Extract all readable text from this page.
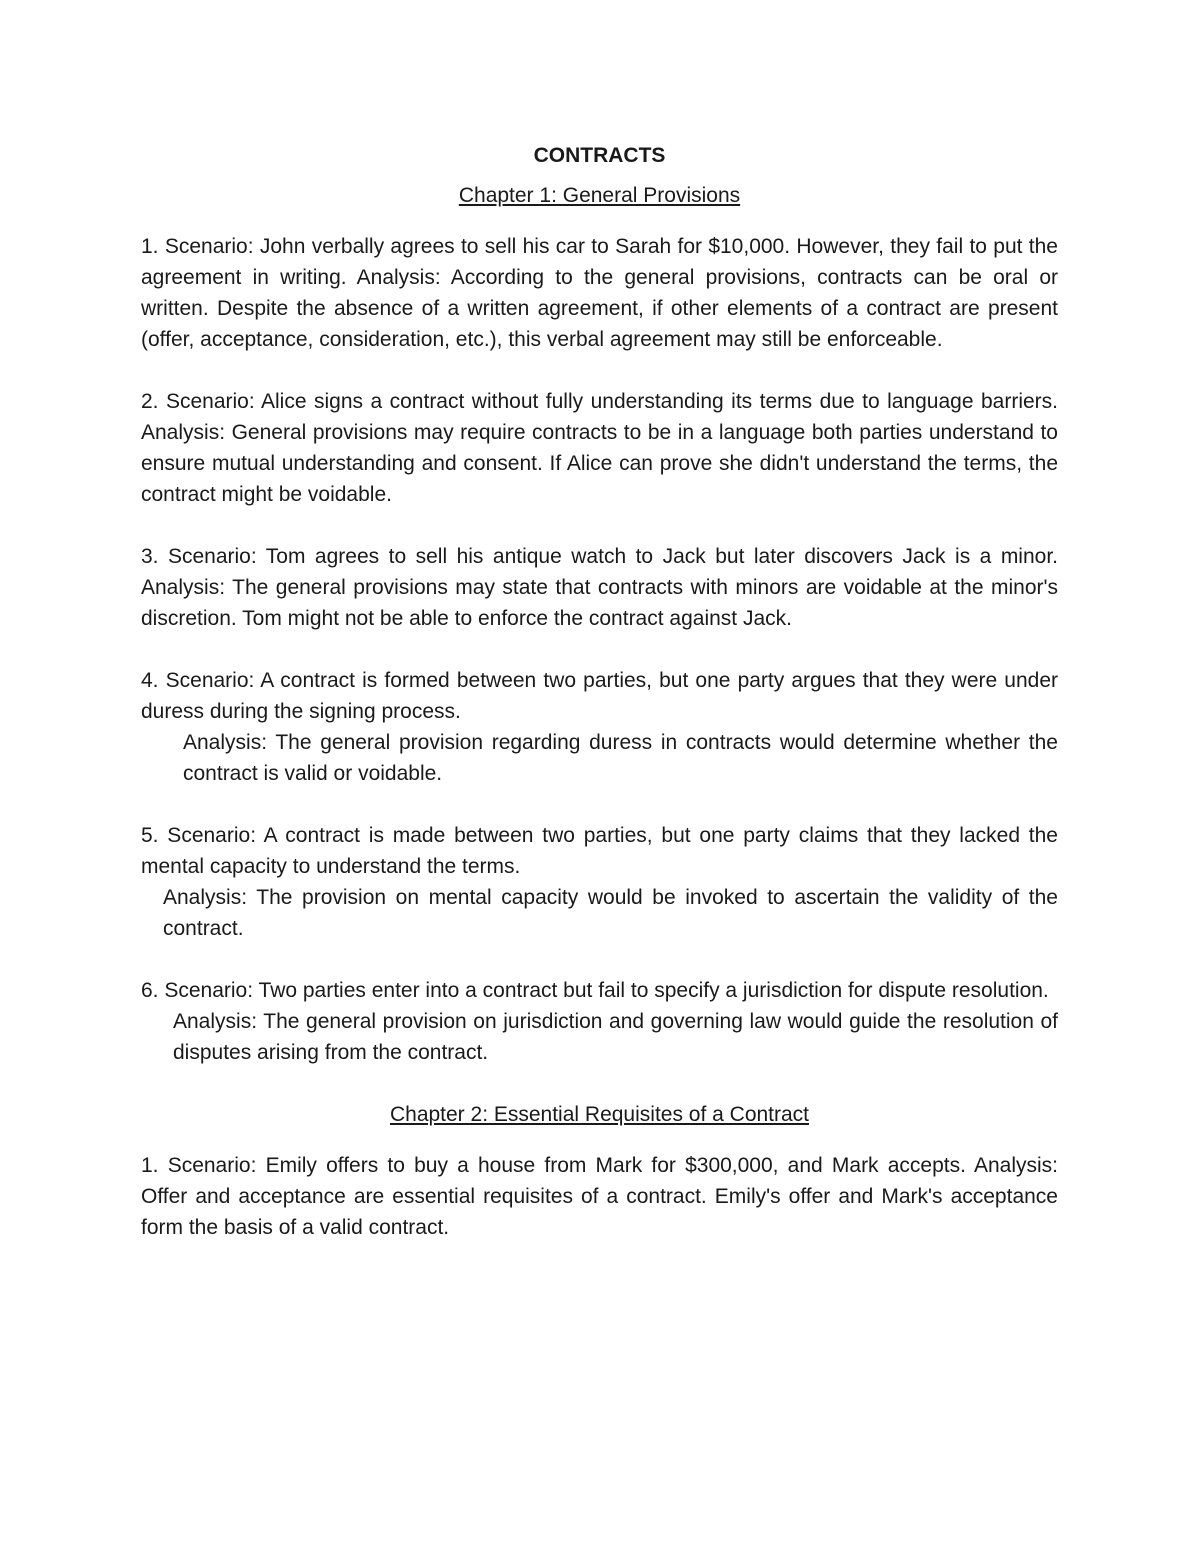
CONTRACTS
Chapter 1: General Provisions

1. Scenario: John verbally agrees to sell his car to Sarah for $10,000. However, they fail to put the agreement in writing. Analysis: According to the general provisions, contracts can be oral or written. Despite the absence of a written agreement, if other elements of a contract are present (offer, acceptance, consideration, etc.), this verbal agreement may still be enforceable.

2. Scenario: Alice signs a contract without fully understanding its terms due to language barriers. Analysis: General provisions may require contracts to be in a language both parties understand to ensure mutual understanding and consent. If Alice can prove she didn't understand the terms, the contract might be voidable.

3. Scenario: Tom agrees to sell his antique watch to Jack but later discovers Jack is a minor. Analysis: The general provisions may state that contracts with minors are voidable at the minor's discretion. Tom might not be able to enforce the contract against Jack.

4. Scenario: A contract is formed between two parties, but one party argues that they were under duress during the signing process.
Analysis: The general provision regarding duress in contracts would determine whether the contract is valid or voidable.
5. Scenario: A contract is made between two parties, but one party claims that they lacked the mental capacity to understand the terms.
Analysis: The provision on mental capacity would be invoked to ascertain the validity of the contract.
6. Scenario: Two parties enter into a contract but fail to specify a jurisdiction for dispute resolution.
Analysis: The general provision on jurisdiction and governing law would guide the resolution of disputes arising from the contract.
Chapter 2: Essential Requisites of a Contract

1. Scenario: Emily offers to buy a house from Mark for $300,000, and Mark accepts. Analysis: Offer and acceptance are essential requisites of a contract. Emily's offer and Mark's acceptance form the basis of a valid contract.
